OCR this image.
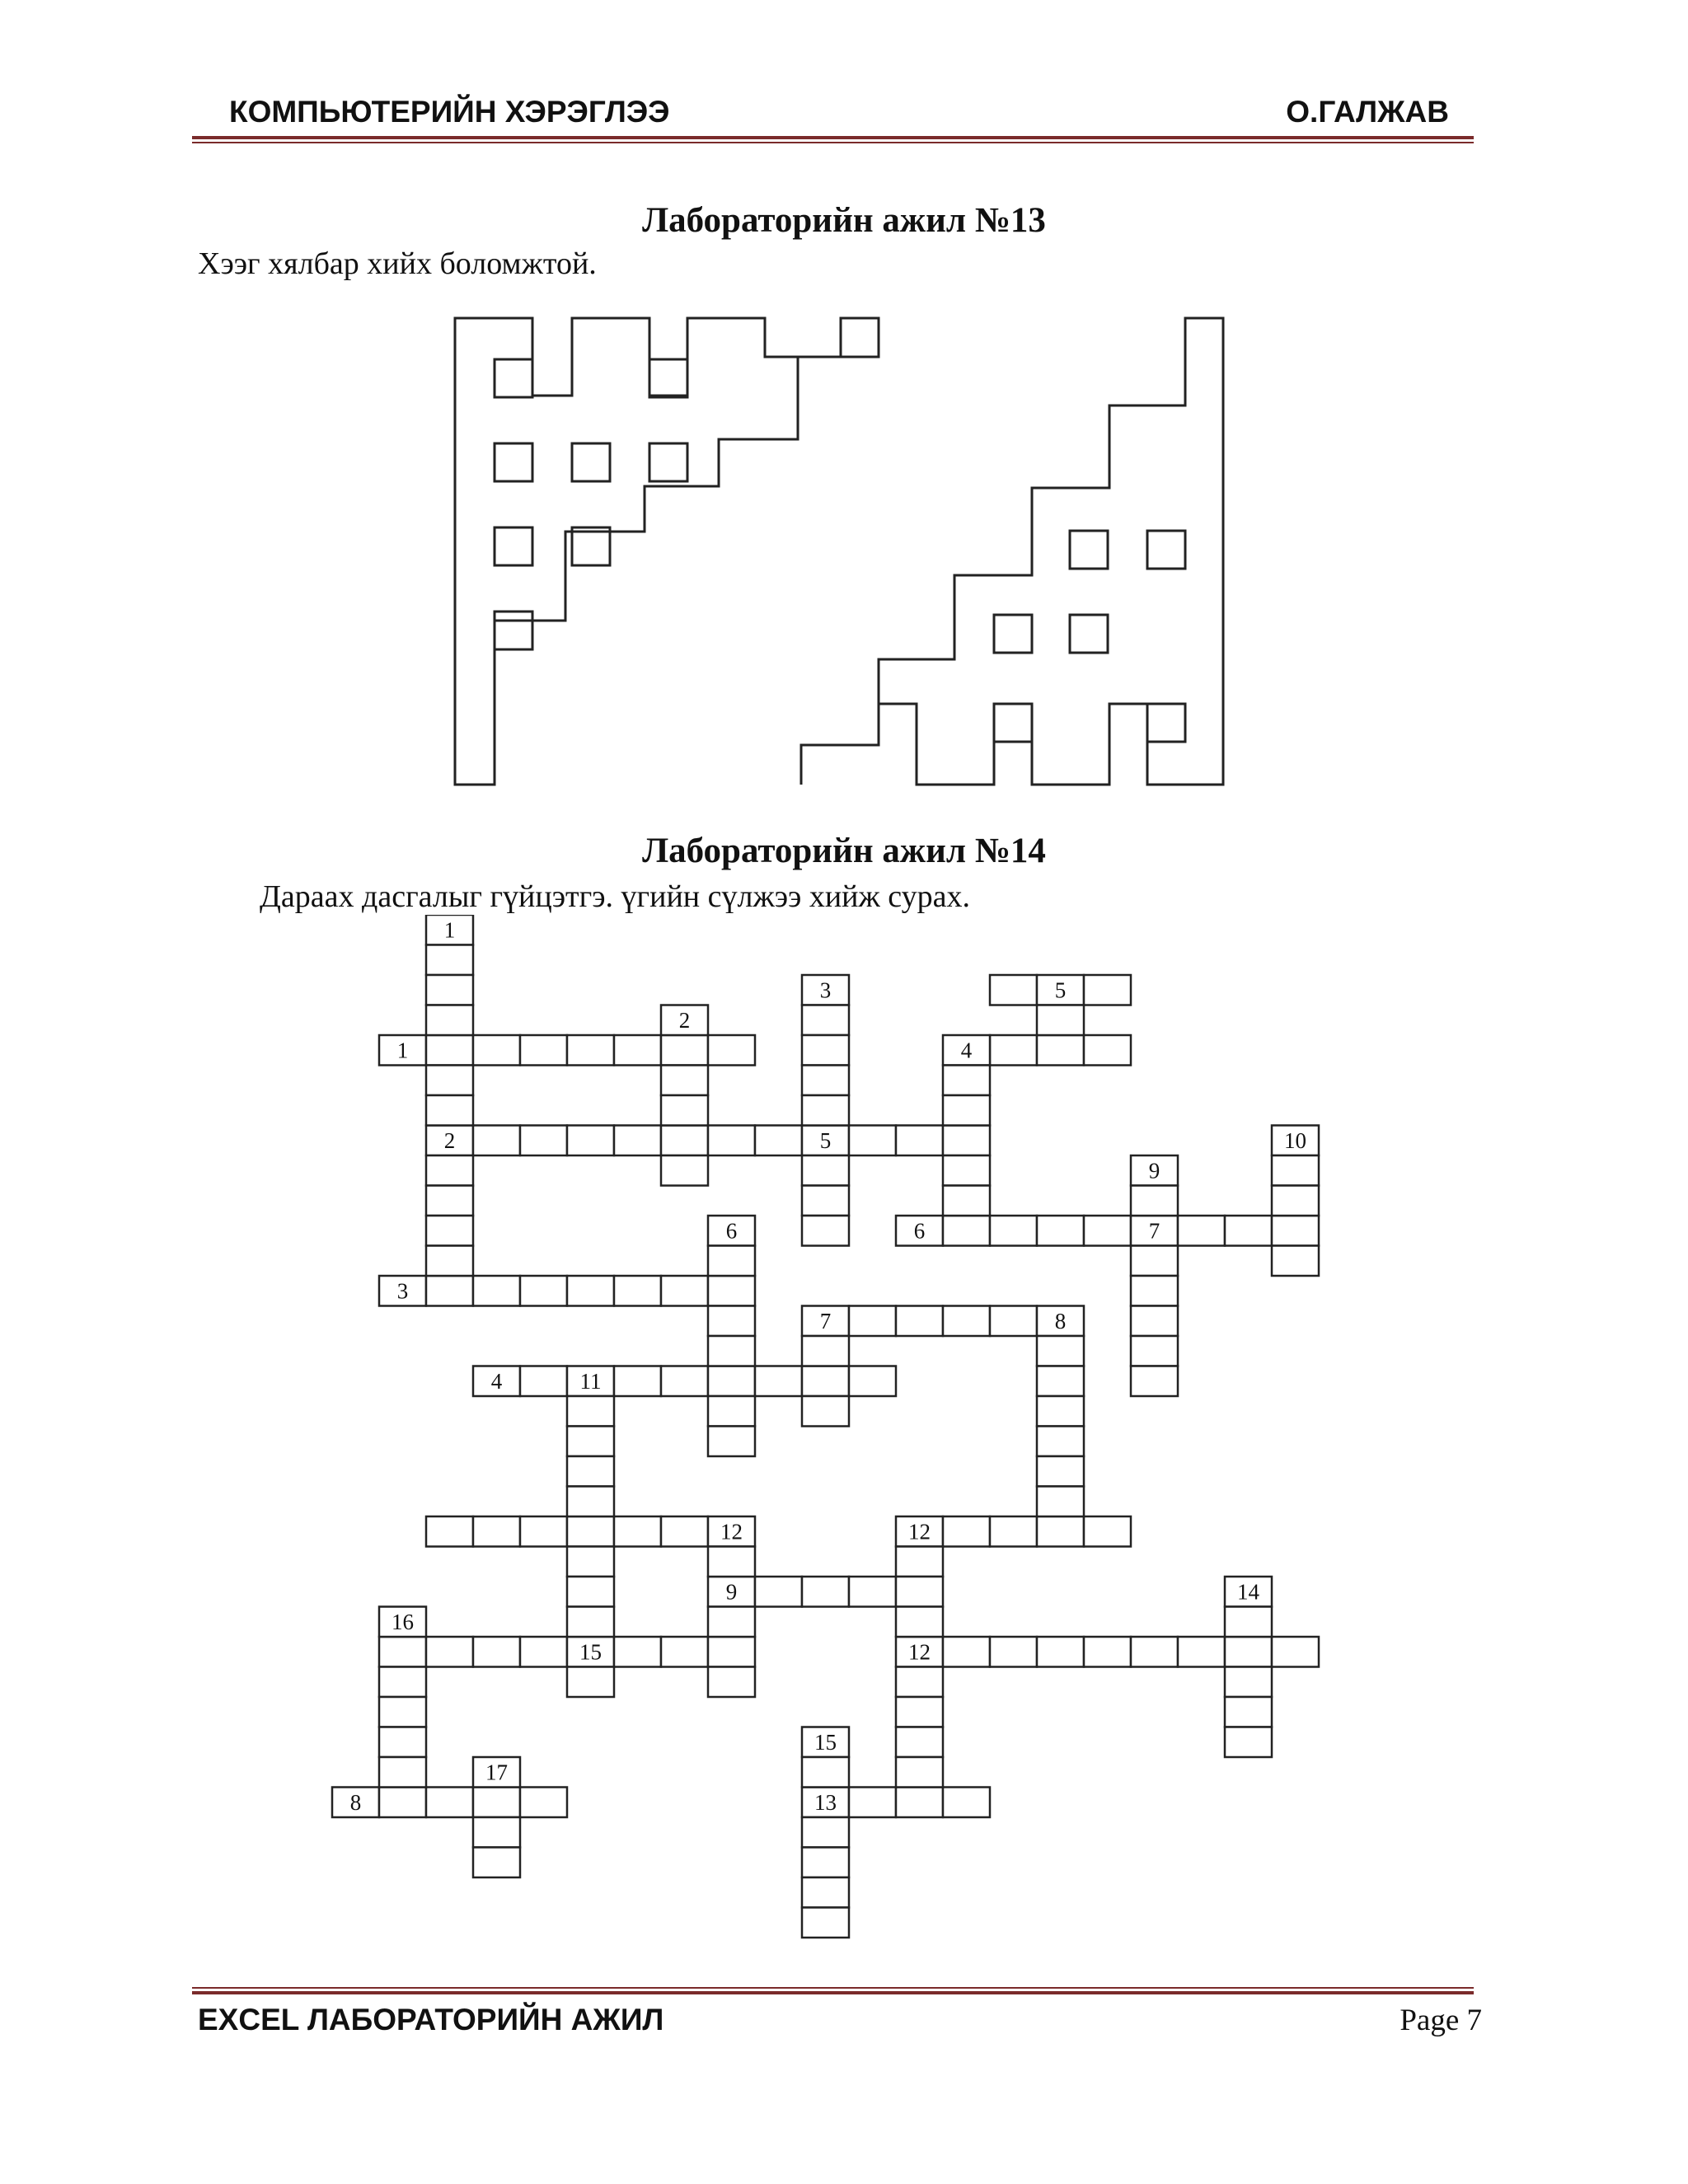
КОМПЬЮТЕРИЙН ХЭРЭГЛЭЭ	О.ГАЛЖАВ
Лабораторийн ажил №13
Хээг хялбар хийх боломжтой.
Лабораторийн ажил №14
Дараах дасгалыг гүйцэтгэ. үгийн сүлжээ хийж сурах.
1
3	5
2
1	4
2	5	10
9
6	6	7
3
7	8
4	11
12	12
9	14
16
15	12
15
17
8	13
EXCEL ЛАБОРАТОРИЙН АЖИЛ	Page 7
